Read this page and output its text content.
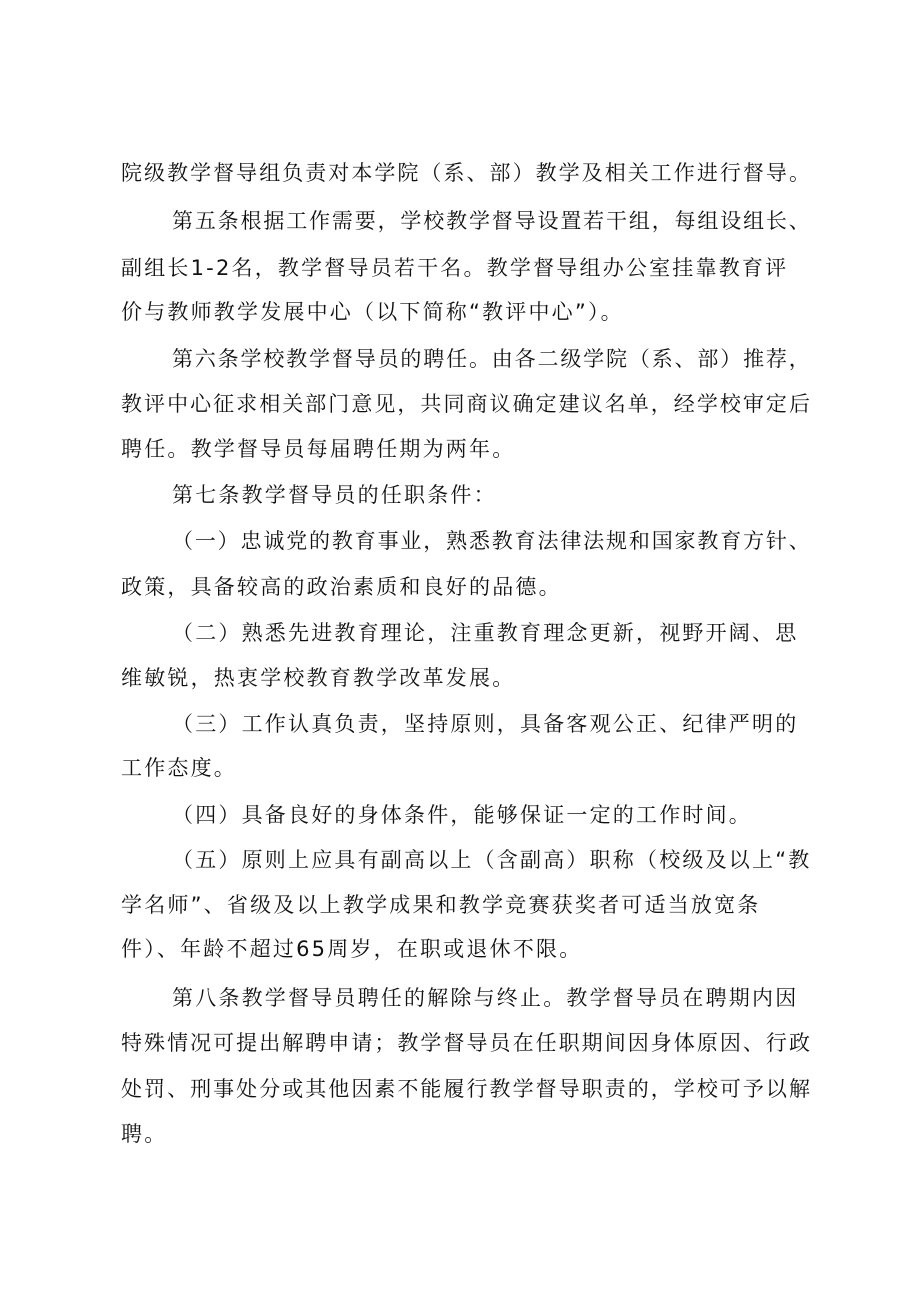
院级教学督导组负责对本学院（系、部）教学及相关工作进行督导。
第五条根据工作需要，学校教学督导设置若干组，每组设组长、
副组长1-2名，教学督导员若干名。教学督导组办公室挂靠教育评
价与教师教学发展中心（以下简称“教评中心”）。
第六条学校教学督导员的聘任。由各二级学院（系、部）推荐，
教评中心征求相关部门意见，共同商议确定建议名单，经学校审定后
聘任。教学督导员每届聘任期为两年。
第七条教学督导员的任职条件：
（一）忠诚党的教育事业，熟悉教育法律法规和国家教育方针、
政策，具备较高的政治素质和良好的品德。
（二）熟悉先进教育理论，注重教育理念更新，视野开阔、思
维敏锐，热衷学校教育教学改革发展。
（三）工作认真负责，坚持原则，具备客观公正、纪律严明的
工作态度。
（四）具备良好的身体条件，能够保证一定的工作时间。
（五）原则上应具有副高以上（含副高）职称（校级及以上“教
学名师”、省级及以上教学成果和教学竞赛获奖者可适当放宽条
件）、年龄不超过65周岁，在职或退休不限。
第八条教学督导员聘任的解除与终止。教学督导员在聘期内因
特殊情况可提出解聘申请；教学督导员在任职期间因身体原因、行政
处罚、刑事处分或其他因素不能履行教学督导职责的，学校可予以解
聘。
